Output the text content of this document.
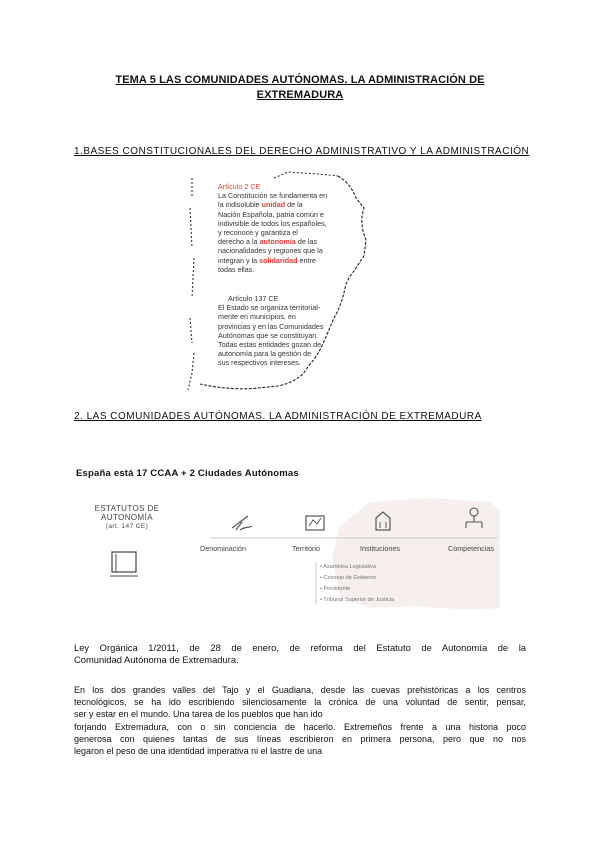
TEMA 5 LAS COMUNIDADES AUTÓNOMAS. LA ADMINISTRACIÓN DE
EXTREMADURA
1.BASES CONSTITUCIONALES DEL DERECHO ADMINISTRATIVO Y LA ADMINISTRACIÓN
Artículo 2 CE
La Constitución se fundamenta en
la indisoluble unidad de la
Nación Española, patria común e
indivisible de todos los españoles,
y reconoce y garantiza el
derecho a la autonomía de las
nacionalidades y regiones que la
integran y la solidaridad entre
todas ellas.
Artículo 137 CE
El Estado se organiza territorial-
mente en municipios, en
provincias y en las Comunidades
Autónomas que se constituyan.
Todas estas entidades gozan de
autonomía para la gestión de
sus respectivos intereses.
2. LAS COMUNIDADES AUTÓNOMAS. LA ADMINISTRACIÓN DE EXTREMADURA
España está 17 CCAA + 2 Ciudades Autónomas
ESTATUTOS DE
AUTONOMÍA
(art. 147 CE)
Denominación	Territorio	Instituciones	Competencias
• Asamblea Legislativa
• Consejo de Gobierno
• Presidente
• Tribunal Superior de Justicia
Ley Orgánica 1/2011, de 28 de enero, de reforma del Estatuto de Autonomía de la
Comunidad Autónoma de Extremadura.
En los dos grandes valles del Tajo y el Guadiana, desde las cuevas prehistóricas a los centros
tecnológicos, se ha ido escribiendo silenciosamente la crónica de una voluntad de sentir, pensar,
ser y estar en el mundo. Una tarea de los pueblos que han ido
forjando Extremadura, con o sin conciencia de hacerlo. Extremeños frente a una historia poco
generosa con quienes tantas de sus líneas escribieron en primera persona, pero que no nos
legaron el peso de una identidad imperativa ni el lastre de una
